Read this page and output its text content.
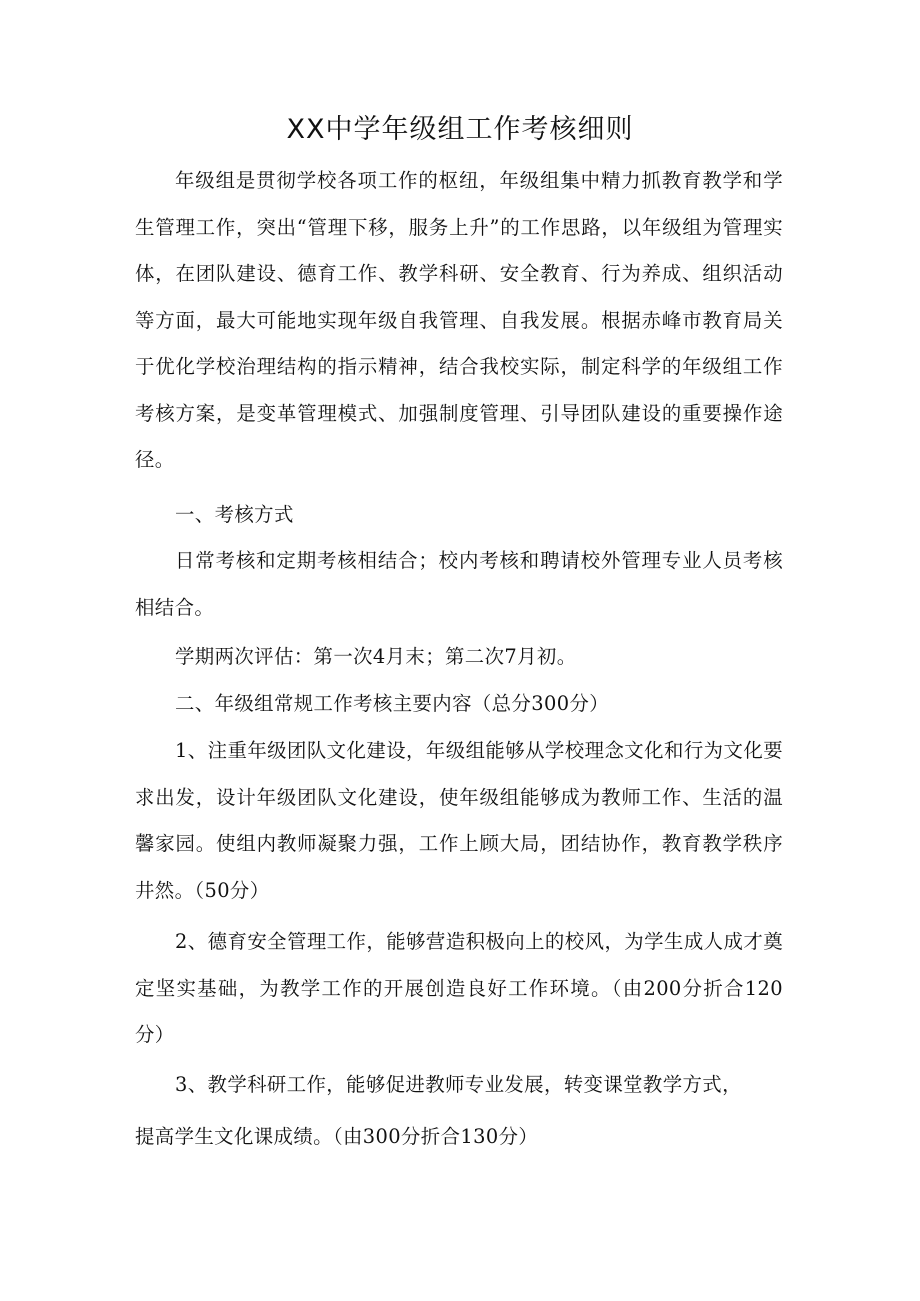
XX中学年级组工作考核细则
年级组是贯彻学校各项工作的枢纽，年级组集中精力抓教育教学和学生管理工作，突出“管理下移，服务上升”的工作思路，以年级组为管理实体，在团队建设、德育工作、教学科研、安全教育、行为养成、组织活动等方面，最大可能地实现年级自我管理、自我发展。根据赤峰市教育局关于优化学校治理结构的指示精神，结合我校实际，制定科学的年级组工作考核方案，是变革管理模式、加强制度管理、引导团队建设的重要操作途径。
一、考核方式
日常考核和定期考核相结合；校内考核和聘请校外管理专业人员考核相结合。
学期两次评估：第一次4月末；第二次7月初。
二、年级组常规工作考核主要内容（总分300分）
1、注重年级团队文化建设，年级组能够从学校理念文化和行为文化要求出发，设计年级团队文化建设，使年级组能够成为教师工作、生活的温馨家园。使组内教师凝聚力强，工作上顾大局，团结协作，教育教学秩序井然。（50分）
2、德育安全管理工作，能够营造积极向上的校风，为学生成人成才奠定坚实基础，为教学工作的开展创造良好工作环境。（由200分折合120分）
3、教学科研工作，能够促进教师专业发展，转变课堂教学方式，
提高学生文化课成绩。（由300分折合130分）
